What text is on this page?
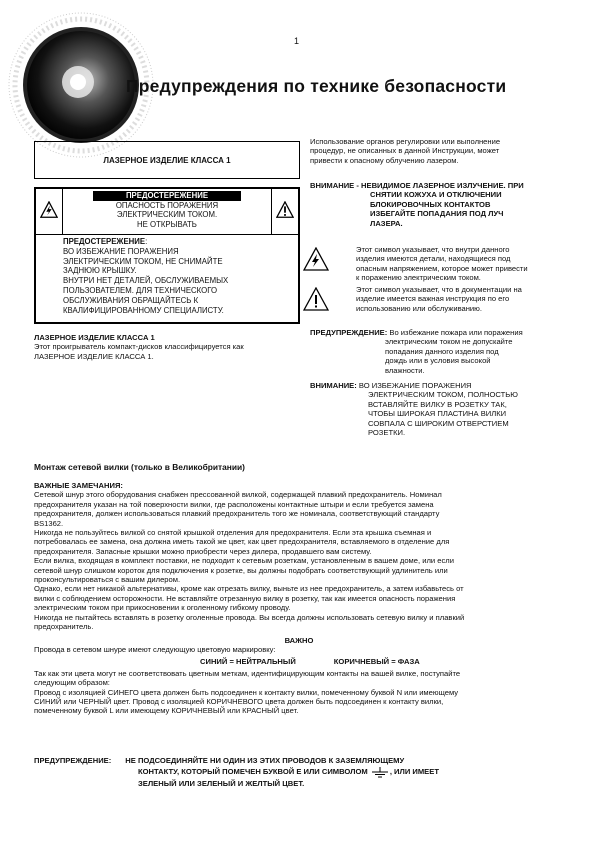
1
Предупреждения по технике безопасности
ЛАЗЕРНОЕ ИЗДЕЛИЕ КЛАССА 1
ПРЕДОСТЕРЕЖЕНИЕ
ОПАСНОСТЬ ПОРАЖЕНИЯ
ЭЛЕКТРИЧЕСКИМ ТОКОМ.
НЕ ОТКРЫВАТЬ
ПРЕДОСТЕРЕЖЕНИЕ:
ВО ИЗБЕЖАНИЕ ПОРАЖЕНИЯ
ЭЛЕКТРИЧЕСКИМ ТОКОМ, НЕ СНИМАЙТЕ
ЗАДНЮЮ КРЫШКУ.
ВНУТРИ НЕТ ДЕТАЛЕЙ, ОБСЛУЖИВАЕМЫХ
ПОЛЬЗОВАТЕЛЕМ. ДЛЯ ТЕХНИЧЕСКОГО
ОБСЛУЖИВАНИЯ ОБРАЩАЙТЕСЬ К
КВАЛИФИЦИРОВАННОМУ СПЕЦИАЛИСТУ.
ЛАЗЕРНОЕ ИЗДЕЛИЕ КЛАССА 1
Этот проигрыватель компакт-дисков классифицируется как
ЛАЗЕРНОЕ ИЗДЕЛИЕ КЛАССА 1.
Использование органов регулировки или выполнение
процедур, не описанных в данной Инструкции, может
привести к опасному облучению лазером.
ВНИМАНИЕ - НЕВИДИМОЕ ЛАЗЕРНОЕ ИЗЛУЧЕНИЕ. ПРИ
СНЯТИИ КОЖУХА И ОТКЛЮЧЕНИИ
БЛОКИРОВОЧНЫХ КОНТАКТОВ
ИЗБЕГАЙТЕ ПОПАДАНИЯ ПОД ЛУЧ
ЛАЗЕРА.
Этот символ указывает, что внутри данного
изделия имеются детали, находящиеся под
опасным напряжением, которое может привести
к поражению электрическим током.
Этот символ указывает, что в документации на
изделие имеется важная инструкция по его
использованию или обслуживанию.
ПРЕДУПРЕЖДЕНИЕ: Во избежание пожара или поражения
электрическим током не допускайте
попадания данного изделия под
дождь или в условия высокой
влажности.
ВНИМАНИЕ: ВО ИЗБЕЖАНИЕ ПОРАЖЕНИЯ
ЭЛЕКТРИЧЕСКИМ ТОКОМ, ПОЛНОСТЬЮ
ВСТАВЛЯЙТЕ ВИЛКУ В РОЗЕТКУ ТАК,
ЧТОБЫ ШИРОКАЯ ПЛАСТИНА ВИЛКИ
СОВПАЛА С ШИРОКИМ ОТВЕРСТИЕМ
РОЗЕТКИ.
Монтаж сетевой вилки (только в Великобритании)
ВАЖНЫЕ ЗАМЕЧАНИЯ:
Сетевой шнур этого оборудования снабжен прессованной вилкой, содержащей плавкий предохранитель. Номинал
предохранителя указан на той поверхности вилки, где расположены контактные штыри и если требуется замена
предохранителя, должен использоваться плавкий предохранитель того же номинала, соответствующий стандарту
BS1362.
Никогда не пользуйтесь вилкой со снятой крышкой отделения для предохранителя. Если эта крышка съемная и
потребовалась ее замена, она должна иметь такой же цвет, как цвет предохранителя, вставляемого в отделение для
предохранителя. Запасные крышки можно приобрести через дилера, продавшего вам систему.
Если вилка, входящая в комплект поставки, не подходит к сетевым розеткам, установленным в вашем доме, или если
сетевой шнур слишком короток для подключения к розетке, вы должны подобрать соответствующий удлинитель или
проконсультироваться с вашим дилером.
Однако, если нет никакой альтернативы, кроме как отрезать вилку, выньте из нее предохранитель, а затем избавьтесь от
вилки с соблюдением осторожности. Не вставляйте отрезанную вилку в розетку, так как имеется опасность поражения
электрическим током при прикосновении к оголенному гибкому проводу.
Никогда не пытайтесь вставлять в розетку оголенные провода. Вы всегда должны использовать сетевую вилку и плавкий
предохранитель.
ВАЖНО
Провода в сетевом шнуре имеют следующую цветовую маркировку:
СИНИЙ = НЕЙТРАЛЬНЫЙ	КОРИЧНЕВЫЙ = ФАЗА
Так как эти цвета могут не соответствовать цветным меткам, идентифицирующим контакты на вашей вилке, поступайте
следующим образом:
Провод с изоляцией СИНЕГО цвета должен быть подсоединен к контакту вилки, помеченному буквой N или имеющему
СИНИЙ или ЧЕРНЫЙ цвет. Провод с изоляцией КОРИЧНЕВОГО цвета должен быть подсоединен к контакту вилки,
помеченному буквой L или имеющему КОРИЧНЕВЫЙ или КРАСНЫЙ цвет.
ПРЕДУПРЕЖДЕНИЕ: НЕ ПОДСОЕДИНЯЙТЕ НИ ОДИН ИЗ ЭТИХ ПРОВОДОВ К ЗАЗЕМЛЯЮЩЕМУ
КОНТАКТУ, КОТОРЫЙ ПОМЕЧЕН БУКВОЙ Е ИЛИ СИМВОЛОМ	, ИЛИ ИМЕЕТ
ЗЕЛЕНЫЙ ИЛИ ЗЕЛЕНЫЙ И ЖЕЛТЫЙ ЦВЕТ.
